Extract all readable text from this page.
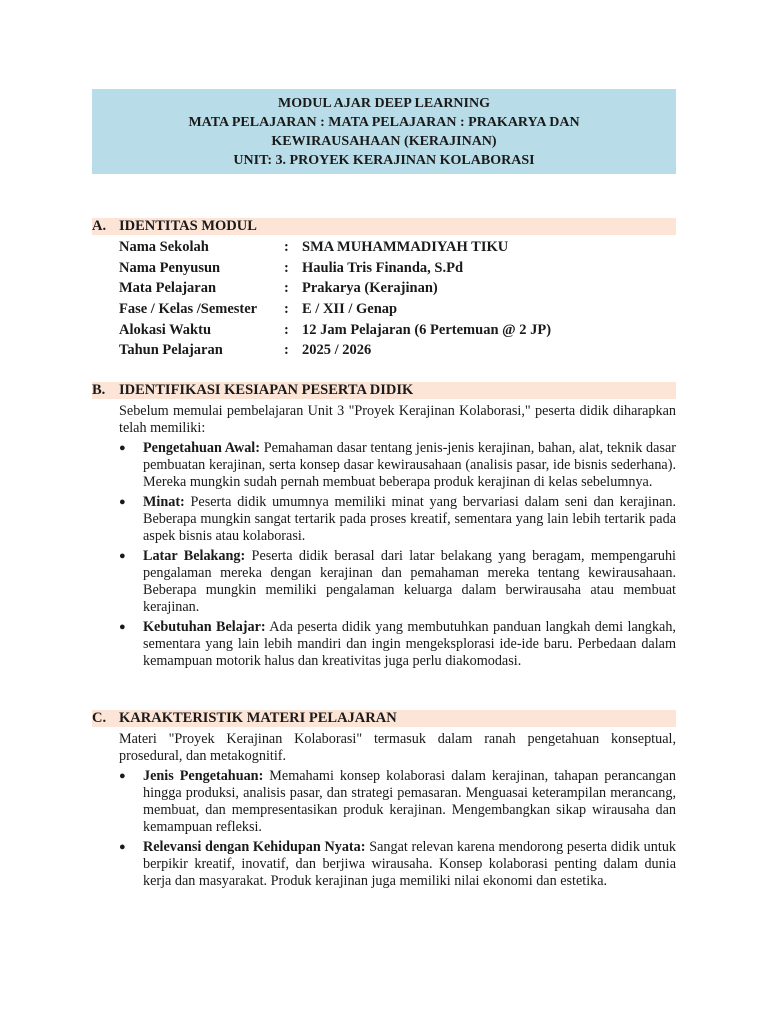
MODUL AJAR DEEP LEARNING
MATA PELAJARAN : MATA PELAJARAN : PRAKARYA DAN
KEWIRAUSAHAAN (KERAJINAN)
UNIT: 3. PROYEK KERAJINAN KOLABORASI
A. IDENTITAS MODUL
Nama Sekolah	: SMA MUHAMMADIYAH TIKU
Nama Penyusun	: Haulia Tris Finanda, S.Pd
Mata Pelajaran	: Prakarya (Kerajinan)
Fase / Kelas /Semester : E / XII / Genap
Alokasi Waktu	: 12 Jam Pelajaran (6 Pertemuan @ 2 JP)
Tahun Pelajaran	: 2025 / 2026
B. IDENTIFIKASI KESIAPAN PESERTA DIDIK
Sebelum memulai pembelajaran Unit 3 "Proyek Kerajinan Kolaborasi," peserta didik diharapkan telah memiliki:
● Pengetahuan Awal: Pemahaman dasar tentang jenis-jenis kerajinan, bahan, alat, teknik dasar pembuatan kerajinan, serta konsep dasar kewirausahaan (analisis pasar, ide bisnis sederhana). Mereka mungkin sudah pernah membuat beberapa produk kerajinan di kelas sebelumnya.
● Minat: Peserta didik umumnya memiliki minat yang bervariasi dalam seni dan kerajinan. Beberapa mungkin sangat tertarik pada proses kreatif, sementara yang lain lebih tertarik pada aspek bisnis atau kolaborasi.
● Latar Belakang: Peserta didik berasal dari latar belakang yang beragam, mempengaruhi pengalaman mereka dengan kerajinan dan pemahaman mereka tentang kewirausahaan. Beberapa mungkin memiliki pengalaman keluarga dalam berwirausaha atau membuat kerajinan.
● Kebutuhan Belajar: Ada peserta didik yang membutuhkan panduan langkah demi langkah, sementara yang lain lebih mandiri dan ingin mengeksplorasi ide-ide baru. Perbedaan dalam kemampuan motorik halus dan kreativitas juga perlu diakomodasi.
C. KARAKTERISTIK MATERI PELAJARAN
Materi "Proyek Kerajinan Kolaborasi" termasuk dalam ranah pengetahuan konseptual, prosedural, dan metakognitif.
● Jenis Pengetahuan: Memahami konsep kolaborasi dalam kerajinan, tahapan perancangan hingga produksi, analisis pasar, dan strategi pemasaran. Menguasai keterampilan merancang, membuat, dan mempresentasikan produk kerajinan. Mengembangkan sikap wirausaha dan kemampuan refleksi.
● Relevansi dengan Kehidupan Nyata: Sangat relevan karena mendorong peserta didik untuk berpikir kreatif, inovatif, dan berjiwa wirausaha. Konsep kolaborasi penting dalam dunia kerja dan masyarakat. Produk kerajinan juga memiliki nilai ekonomi dan estetika.
